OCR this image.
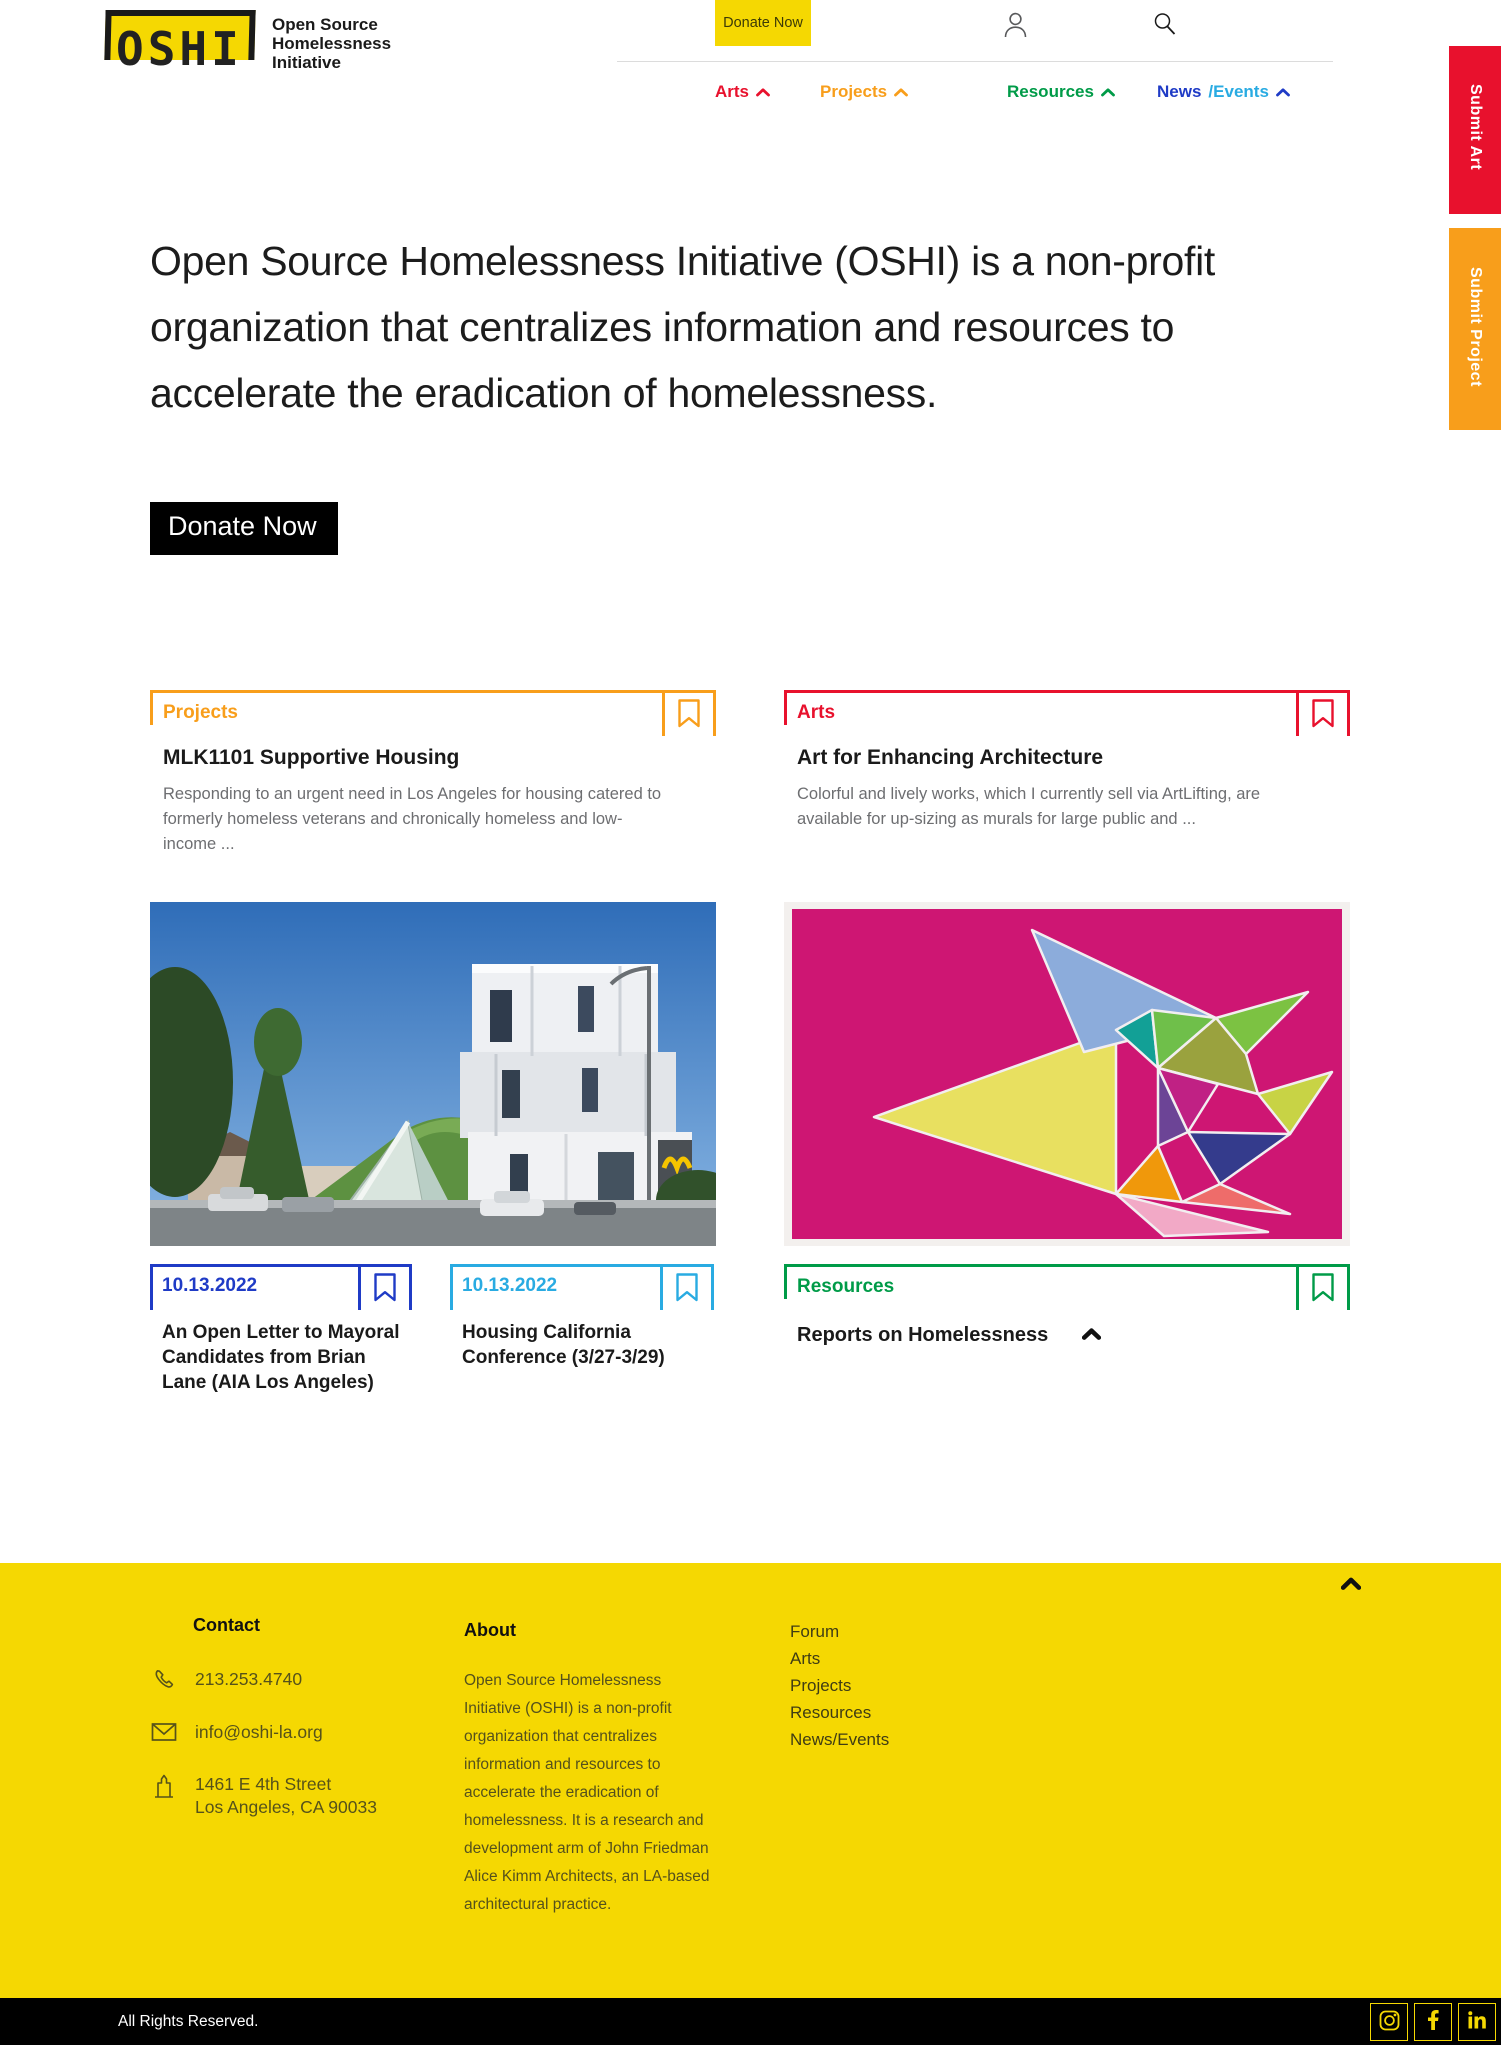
OSHI Open Source
Homelessness
Initiative
Donate Now
Arts	Projects	Resources	News /Events	Submit Art
Submit Project
Open Source Homelessness Initiative (OSHI) is a non-profit
organization that centralizes information and resources to
accelerate the eradication of homelessness.
Donate Now
Projects
MLK1101 Supportive Housing
Responding to an urgent need in Los Angeles for housing catered to formerly homeless veterans and chronically homeless and low-income ...
Arts
Art for Enhancing Architecture
Colorful and lively works, which I currently sell via ArtLifting, are available for up-sizing as murals for large public and ...
10.13.2022
An Open Letter to Mayoral Candidates from Brian Lane (AIA Los Angeles)
10.13.2022
Housing California Conference (3/27-3/29)
Resources
Reports on Homelessness
Contact
213.253.4740
info@oshi-la.org
1461 E 4th Street
Los Angeles, CA 90033
About

Open Source Homelessness Initiative (OSHI) is a non-profit organization that centralizes information and resources to accelerate the eradication of homelessness. It is a research and development arm of John Friedman Alice Kimm Architects, an LA-based architectural practice.

Forum
Arts
Projects
Resources
News/Events
All Rights Reserved.
